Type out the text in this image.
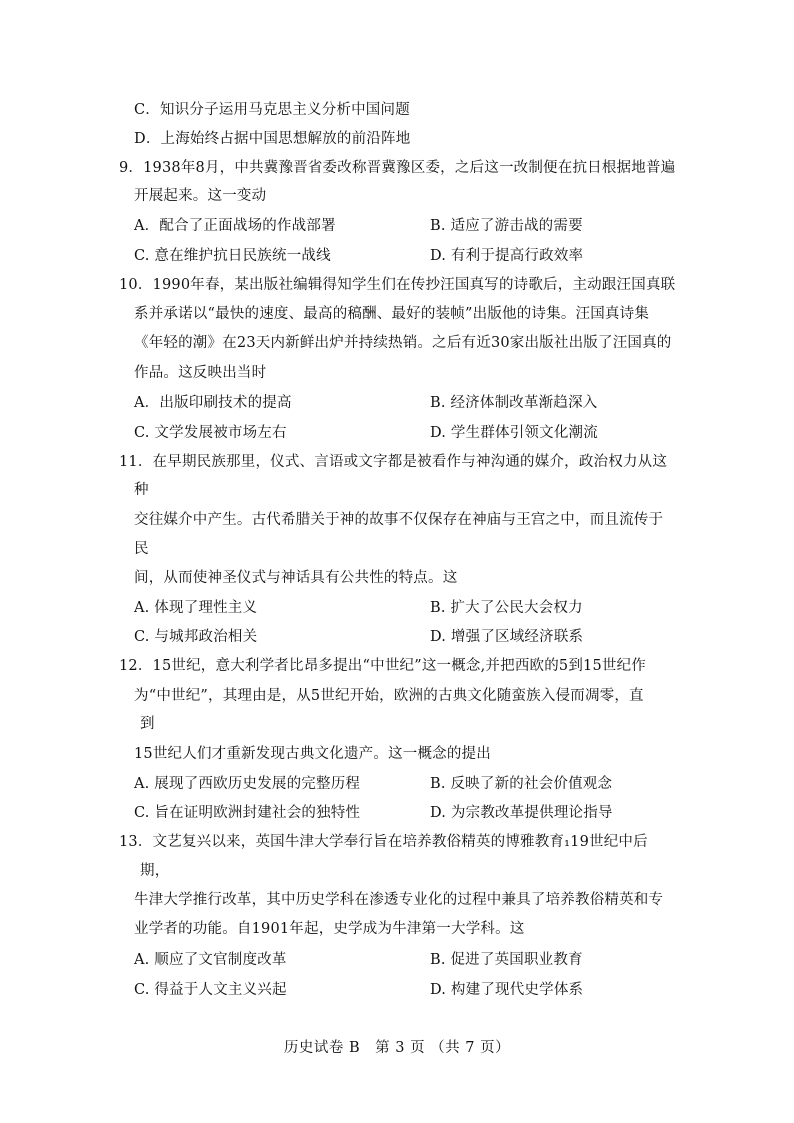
C．知识分子运用马克思主义分析中国问题
D．上海始终占据中国思想解放的前沿阵地
9．1938年8月，中共冀豫晋省委改称晋冀豫区委，之后这一改制便在抗日根据地普遍
开展起来。这一变动
A．配合了正面战场的作战部署	B. 适应了游击战的需要
C. 意在维护抗日民族统一战线	D. 有利于提高行政效率
10．1990年春，某出版社编辑得知学生们在传抄汪国真写的诗歌后，主动跟汪国真联
系并承诺以“最快的速度、最高的稿酬、最好的装帧”出版他的诗集。汪国真诗集
《年轻的潮》在23天内新鲜出炉并持续热销。之后有近30家出版社出版了汪国真的
作品。这反映出当时
A．出版印刷技术的提高	B. 经济体制改革渐趋深入
C. 文学发展被市场左右	D. 学生群体引领文化潮流
11．在早期民族那里，仪式、言语或文字都是被看作与神沟通的媒介，政治权力从这
种
交往媒介中产生。古代希腊关于神的故事不仅保存在神庙与王宫之中，而且流传于
民
间，从而使神圣仪式与神话具有公共性的特点。这
A. 体现了理性主义	B. 扩大了公民大会权力
C. 与城邦政治相关	D. 增强了区域经济联系
12．15世纪，意大利学者比昂多提出“中世纪”这一概念,并把西欧的5到15世纪作
为“中世纪”，其理由是，从5世纪开始，欧洲的古典文化随蛮族入侵而凋零，直
到
15世纪人们才重新发现古典文化遗产。这一概念的提出
A. 展现了西欧历史发展的完整历程	B. 反映了新的社会价值观念
C. 旨在证明欧洲封建社会的独特性	D. 为宗教改革提供理论指导
13．文艺复兴以来，英国牛津大学奉行旨在培养教俗精英的博雅教育₁19世纪中后
期，
牛津大学推行改革，其中历史学科在渗透专业化的过程中兼具了培养教俗精英和专
业学者的功能。自1901年起，史学成为牛津第一大学科。这
A. 顺应了文官制度改革	B. 促进了英国职业教育
C. 得益于人文主义兴起	D. 构建了现代史学体系
历史试卷 B　第 3 页 （共 7 页）
